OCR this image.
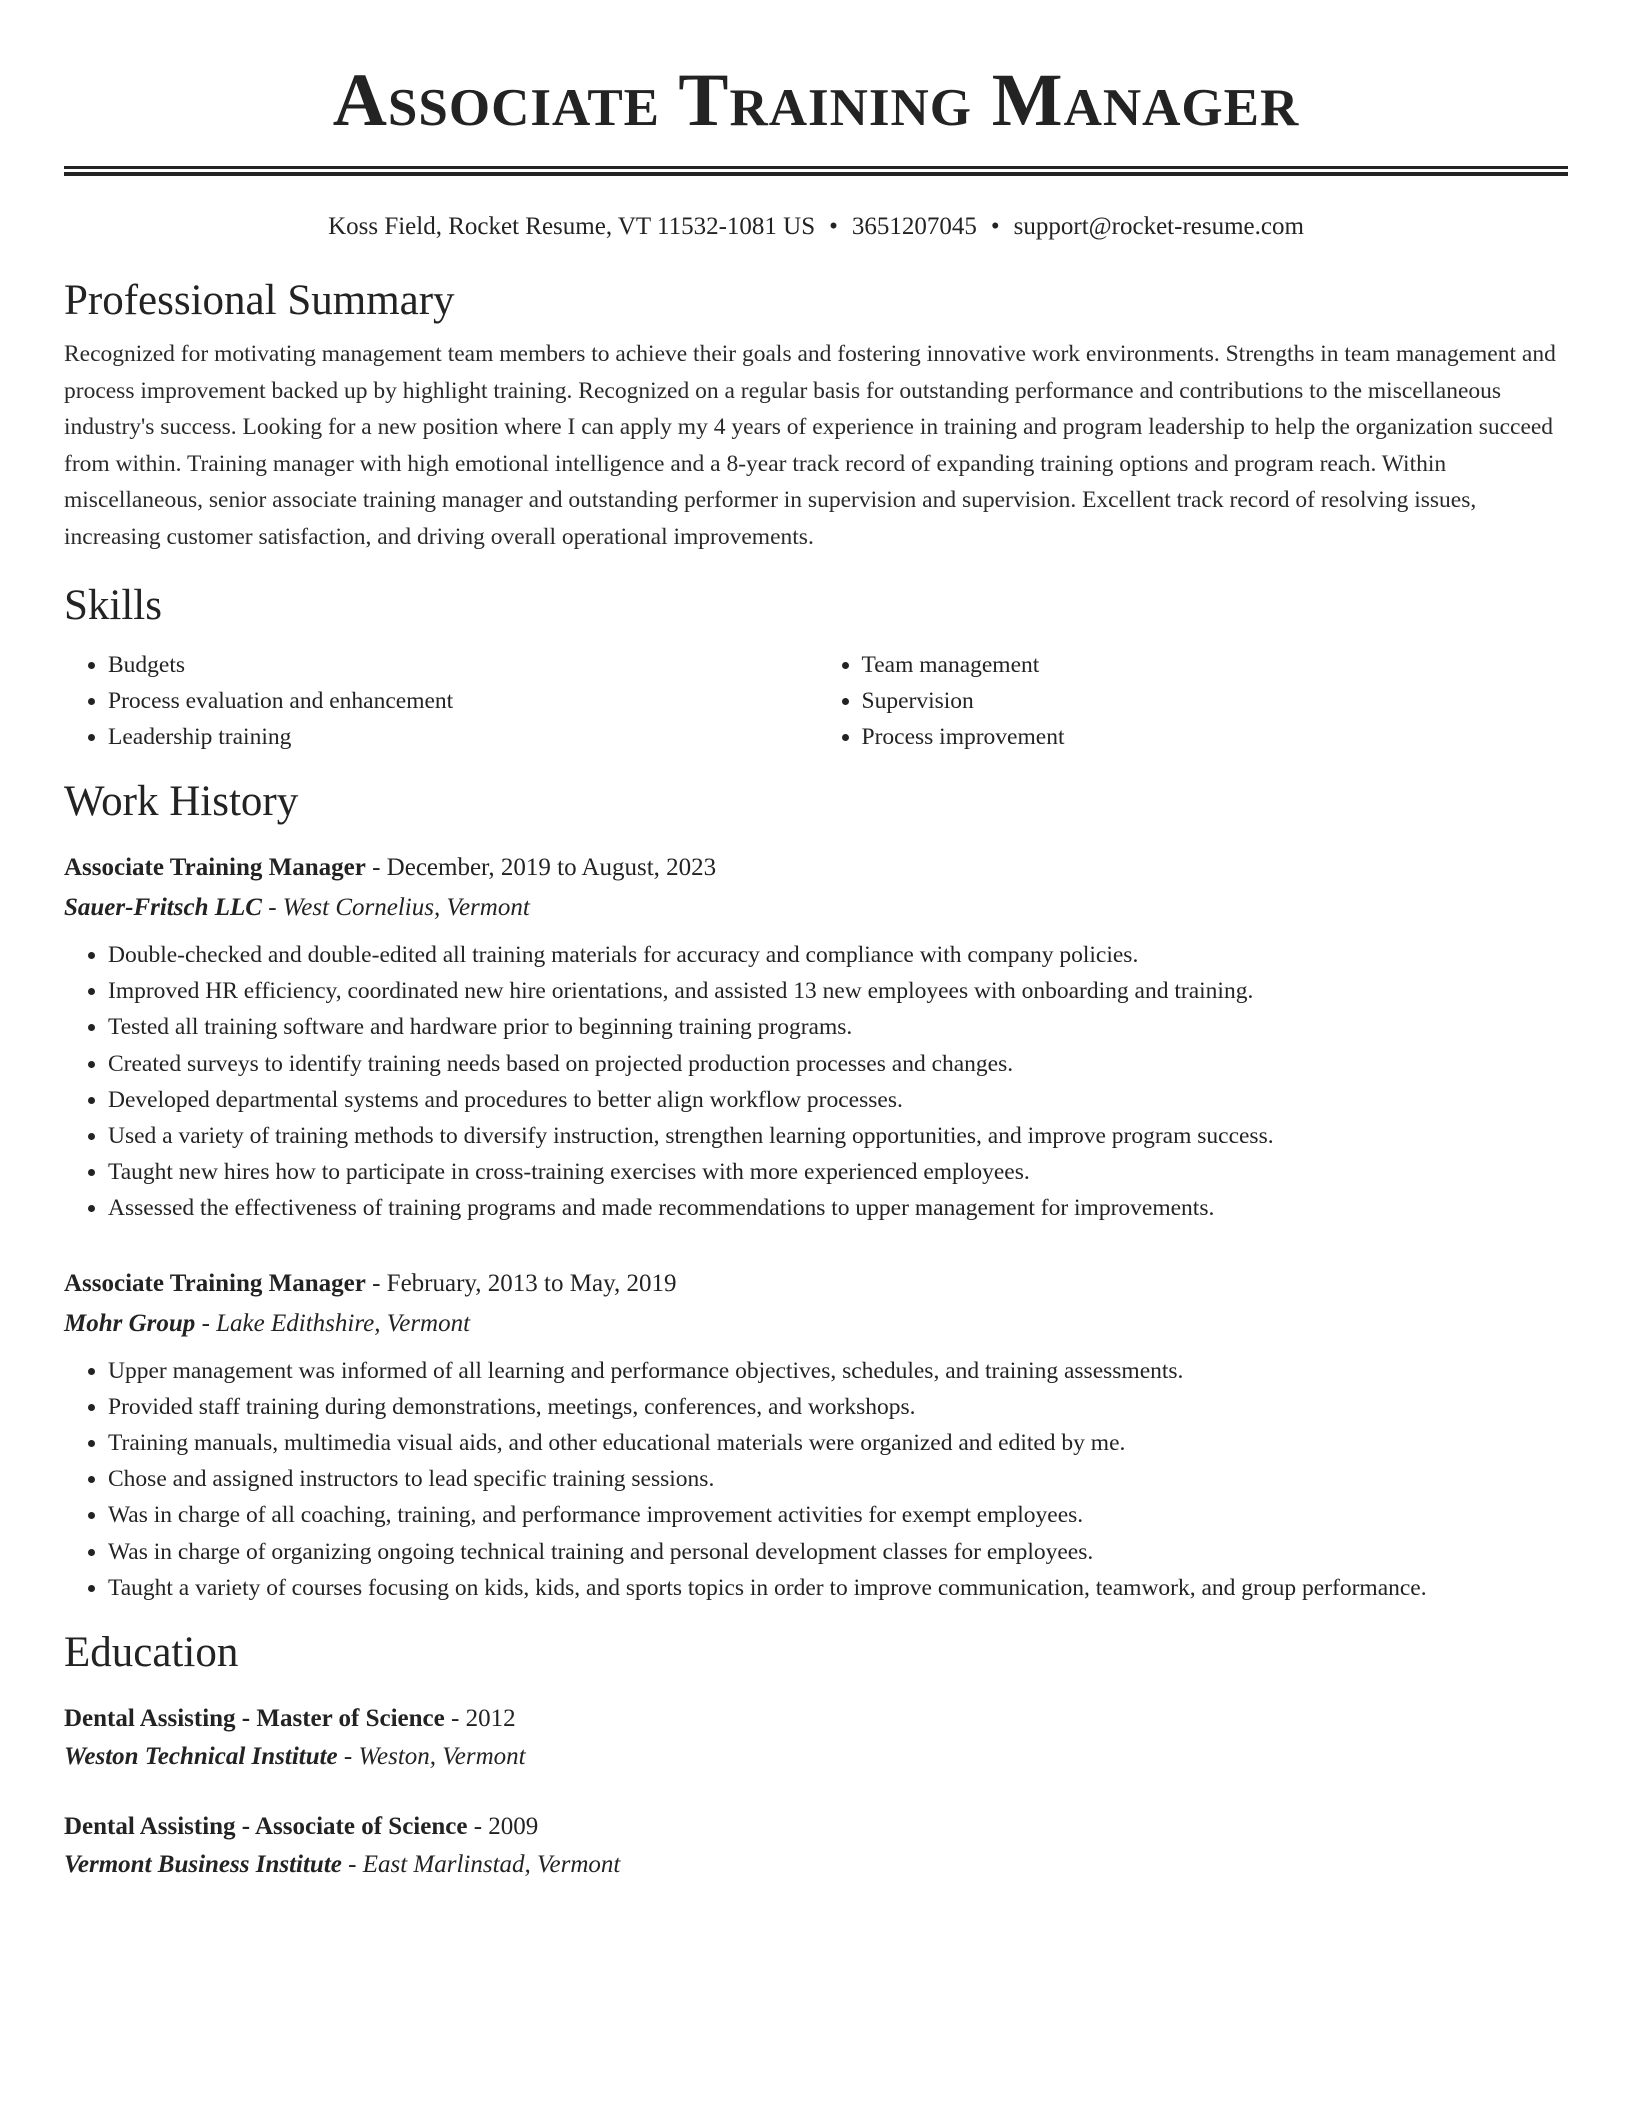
Associate Training Manager
Koss Field, Rocket Resume, VT 11532-1081 US • 3651207045 • support@rocket-resume.com
Professional Summary
Recognized for motivating management team members to achieve their goals and fostering innovative work environments. Strengths in team management and process improvement backed up by highlight training. Recognized on a regular basis for outstanding performance and contributions to the miscellaneous industry's success. Looking for a new position where I can apply my 4 years of experience in training and program leadership to help the organization succeed from within. Training manager with high emotional intelligence and a 8-year track record of expanding training options and program reach. Within miscellaneous, senior associate training manager and outstanding performer in supervision and supervision. Excellent track record of resolving issues, increasing customer satisfaction, and driving overall operational improvements.
Skills
• Budgets
• Process evaluation and enhancement
• Leadership training
• Team management
• Supervision
• Process improvement
Work History
Associate Training Manager - December, 2019 to August, 2023
Sauer-Fritsch LLC - West Cornelius, Vermont
• Double-checked and double-edited all training materials for accuracy and compliance with company policies.
• Improved HR efficiency, coordinated new hire orientations, and assisted 13 new employees with onboarding and training.
• Tested all training software and hardware prior to beginning training programs.
• Created surveys to identify training needs based on projected production processes and changes.
• Developed departmental systems and procedures to better align workflow processes.
• Used a variety of training methods to diversify instruction, strengthen learning opportunities, and improve program success.
• Taught new hires how to participate in cross-training exercises with more experienced employees.
• Assessed the effectiveness of training programs and made recommendations to upper management for improvements.
Associate Training Manager - February, 2013 to May, 2019
Mohr Group - Lake Edithshire, Vermont
• Upper management was informed of all learning and performance objectives, schedules, and training assessments.
• Provided staff training during demonstrations, meetings, conferences, and workshops.
• Training manuals, multimedia visual aids, and other educational materials were organized and edited by me.
• Chose and assigned instructors to lead specific training sessions.
• Was in charge of all coaching, training, and performance improvement activities for exempt employees.
• Was in charge of organizing ongoing technical training and personal development classes for employees.
• Taught a variety of courses focusing on kids, kids, and sports topics in order to improve communication, teamwork, and group performance.
Education
Dental Assisting - Master of Science - 2012
Weston Technical Institute - Weston, Vermont
Dental Assisting - Associate of Science - 2009
Vermont Business Institute - East Marlinstad, Vermont
